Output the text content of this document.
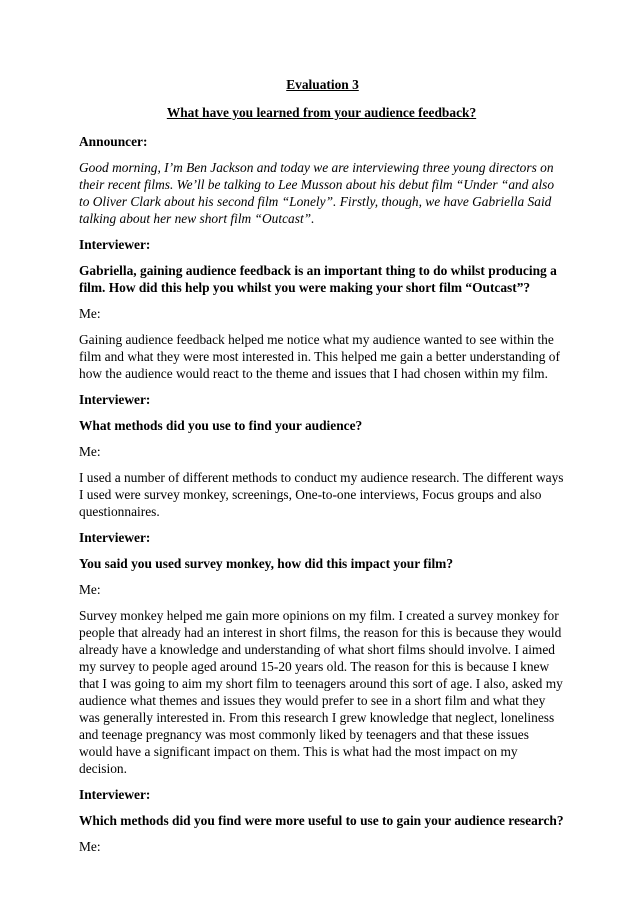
Evaluation 3

What have you learned from your audience feedback?

Announcer:

Good morning, I’m Ben Jackson and today we are interviewing three young directors on their recent films. We’ll be talking to Lee Musson about his debut film “Under “and also to Oliver Clark about his second film “Lonely”. Firstly, though, we have Gabriella Said talking about her new short film “Outcast”.

Interviewer:

Gabriella, gaining audience feedback is an important thing to do whilst producing a film. How did this help you whilst you were making your short film “Outcast”?

Me:

Gaining audience feedback helped me notice what my audience wanted to see within the film and what they were most interested in. This helped me gain a better understanding of how the audience would react to the theme and issues that I had chosen within my film.

Interviewer:

What methods did you use to find your audience?

Me:

I used a number of different methods to conduct my audience research. The different ways I used were survey monkey, screenings, One-to-one interviews, Focus groups and also questionnaires.

Interviewer:

You said you used survey monkey, how did this impact your film?

Me:

Survey monkey helped me gain more opinions on my film. I created a survey monkey for people that already had an interest in short films, the reason for this is because they would already have a knowledge and understanding of what short films should involve. I aimed my survey to people aged around 15-20 years old. The reason for this is because I knew that I was going to aim my short film to teenagers around this sort of age. I also, asked my audience what themes and issues they would prefer to see in a short film and what they was generally interested in. From this research I grew knowledge that neglect, loneliness and teenage pregnancy was most commonly liked by teenagers and that these issues would have a significant impact on them. This is what had the most impact on my decision.

Interviewer:

Which methods did you find were more useful to use to gain your audience research?

Me:
